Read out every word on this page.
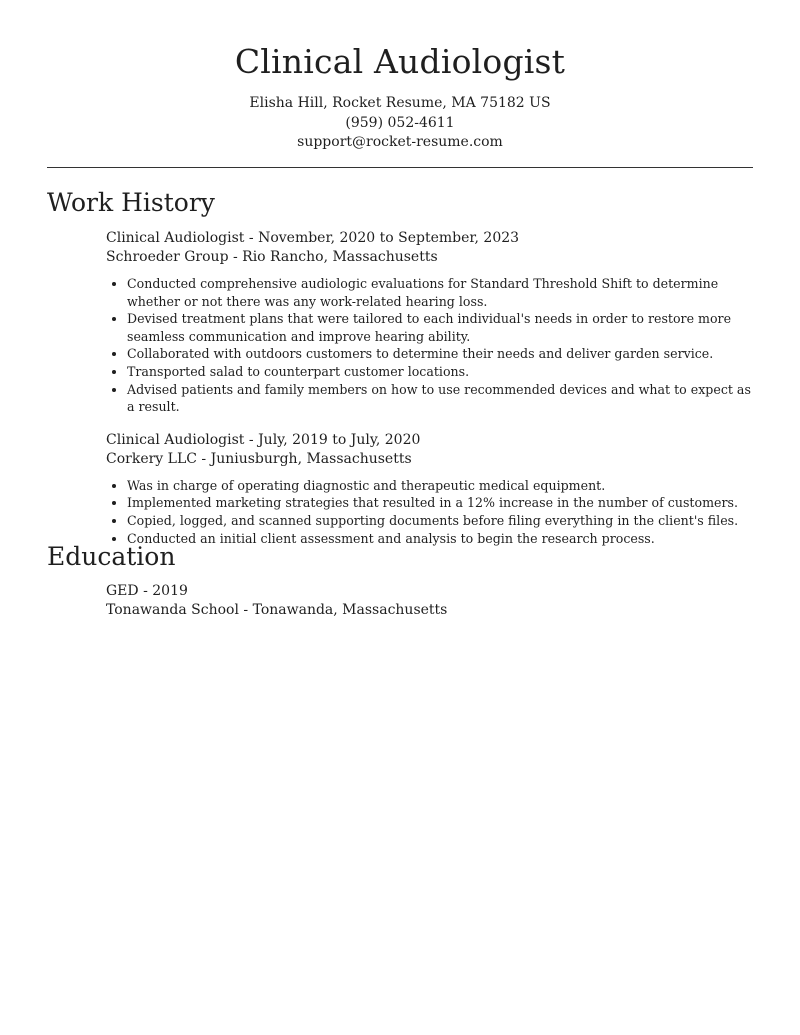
Clinical Audiologist
Elisha Hill, Rocket Resume, MA 75182 US
(959) 052-4611
support@rocket-resume.com
Work History
Clinical Audiologist - November, 2020 to September, 2023
Schroeder Group - Rio Rancho, Massachusetts
• Conducted comprehensive audiologic evaluations for Standard Threshold Shift to determine whether or not there was any work-related hearing loss.
• Devised treatment plans that were tailored to each individual's needs in order to restore more seamless communication and improve hearing ability.
• Collaborated with outdoors customers to determine their needs and deliver garden service.
• Transported salad to counterpart customer locations.
• Advised patients and family members on how to use recommended devices and what to expect as a result.
Clinical Audiologist - July, 2019 to July, 2020
Corkery LLC - Juniusburgh, Massachusetts
• Was in charge of operating diagnostic and therapeutic medical equipment.
• Implemented marketing strategies that resulted in a 12% increase in the number of customers.
• Copied, logged, and scanned supporting documents before filing everything in the client's files.
• Conducted an initial client assessment and analysis to begin the research process.
Education
GED - 2019
Tonawanda School - Tonawanda, Massachusetts
